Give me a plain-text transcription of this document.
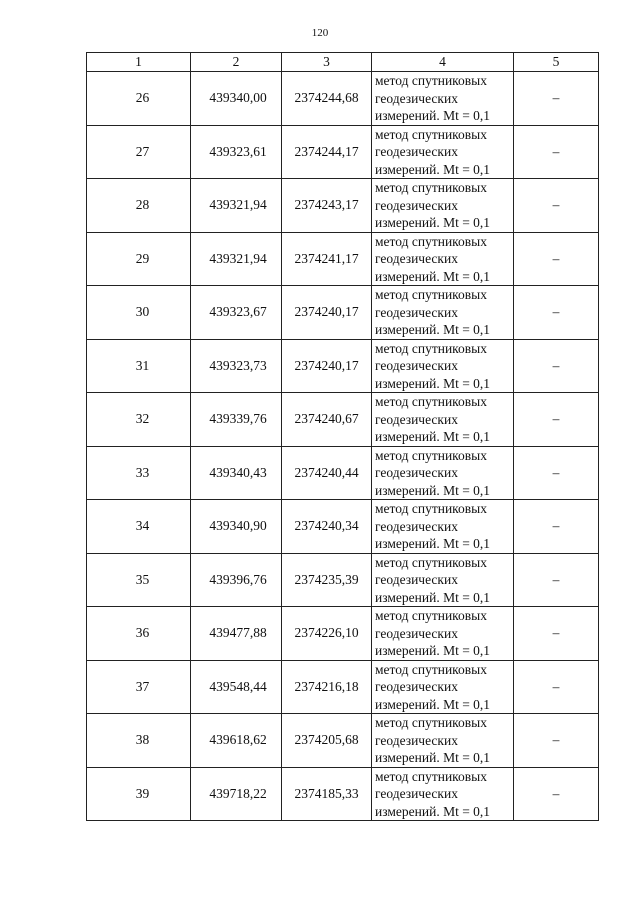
120
1	2	3	4	5
26	439340,00	2374244,68	метод спутниковых
геодезических
измерений. Mt = 0,1	–
27	439323,61	2374244,17	метод спутниковых
геодезических
измерений. Mt = 0,1	–
28	439321,94	2374243,17	метод спутниковых
геодезических
измерений. Mt = 0,1	–
29	439321,94	2374241,17	метод спутниковых
геодезических
измерений. Mt = 0,1	–
30	439323,67	2374240,17	метод спутниковых
геодезических
измерений. Mt = 0,1	–
31	439323,73	2374240,17	метод спутниковых
геодезических
измерений. Mt = 0,1	–
32	439339,76	2374240,67	метод спутниковых
геодезических
измерений. Mt = 0,1	–
33	439340,43	2374240,44	метод спутниковых
геодезических
измерений. Mt = 0,1	–
34	439340,90	2374240,34	метод спутниковых
геодезических
измерений. Mt = 0,1	–
35	439396,76	2374235,39	метод спутниковых
геодезических
измерений. Mt = 0,1	–
36	439477,88	2374226,10	метод спутниковых
геодезических
измерений. Mt = 0,1	–
37	439548,44	2374216,18	метод спутниковых
геодезических
измерений. Mt = 0,1	–
38	439618,62	2374205,68	метод спутниковых
геодезических
измерений. Mt = 0,1	–
39	439718,22	2374185,33	метод спутниковых
геодезических
измерений. Mt = 0,1	–
